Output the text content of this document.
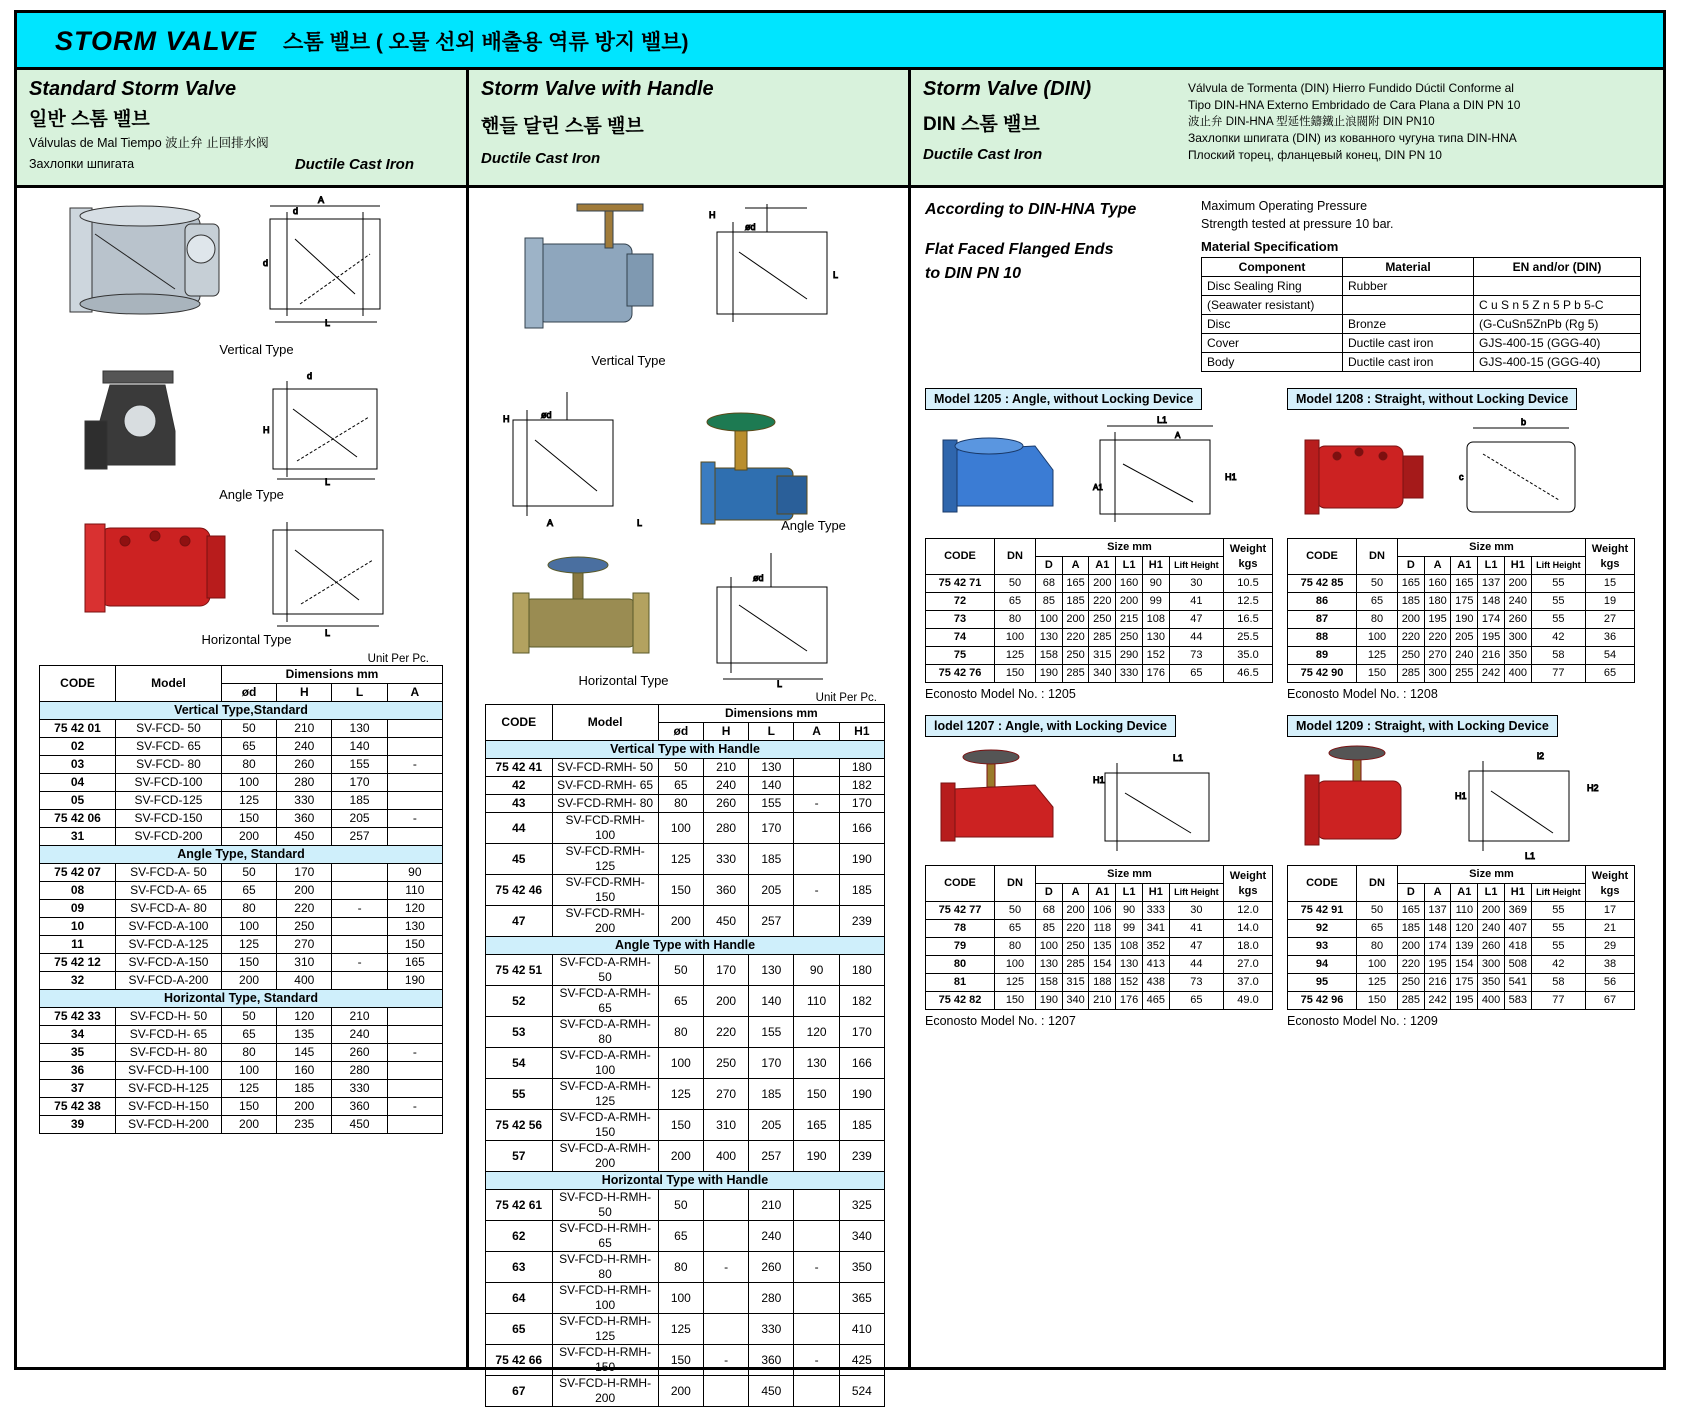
STORM VALVE 스톰 밸브 ( 오물 선외 배출용 역류 방지 밸브)
Standard Storm Valve
일반 스톰 밸브
Válvulas de Mal Tiempo 波止弁 止回排水阀
Захлопки шпигата	Ductile Cast Iron
A
d
d
L
Vertical Type
d
H
L
Angle Type
L
Horizontal Type
Unit Per Pc.
CODE	Model	Dimensions mm			
		ød	H	L	A
Vertical Type,Standard					
75 42 01	SV-FCD- 50	50	210	130	
02	SV-FCD- 65	65	240	140	
03	SV-FCD- 80	80	260	155	-
04	SV-FCD-100	100	280	170	
05	SV-FCD-125	125	330	185	
75 42 06	SV-FCD-150	150	360	205	-
31	SV-FCD-200	200	450	257	
Angle Type, Standard					
75 42 07	SV-FCD-A- 50	50	170		90
08	SV-FCD-A- 65	65	200		110
09	SV-FCD-A- 80	80	220	-	120
10	SV-FCD-A-100	100	250		130
11	SV-FCD-A-125	125	270		150
75 42 12	SV-FCD-A-150	150	310	-	165
32	SV-FCD-A-200	200	400		190
Horizontal Type, Standard					
75 42 33	SV-FCD-H- 50	50	120	210	
34	SV-FCD-H- 65	65	135	240	
35	SV-FCD-H- 80	80	145	260	-
36	SV-FCD-H-100	100	160	280	
37	SV-FCD-H-125	125	185	330	
75 42 38	SV-FCD-H-150	150	200	360	-
39	SV-FCD-H-200	200	235	450	
Storm Valve with Handle
핸들 달린 스톰 밸브
Ductile Cast Iron
H
ød
L
Vertical Type
H	ød
A	L	Angle Type
ød
L
Horizontal Type
Unit Per Pc.
CODE	Model	Dimensions mm				
		ød	H	L	A	H1
Vertical Type with Handle						
75 42 41	SV-FCD-RMH- 50	50	210	130		180
42	SV-FCD-RMH- 65	65	240	140		182
43	SV-FCD-RMH- 80	80	260	155	-	170
44	SV-FCD-RMH- 100	100	280	170		166
45	SV-FCD-RMH- 125	125	330	185		190
75 42 46	SV-FCD-RMH- 150	150	360	205	-	185
47	SV-FCD-RMH- 200	200	450	257		239
Angle Type with Handle						
75 42 51	SV-FCD-A-RMH- 50	50	170	130	90	180
52	SV-FCD-A-RMH- 65	65	200	140	110	182
53	SV-FCD-A-RMH- 80	80	220	155	120	170
54	SV-FCD-A-RMH- 100	100	250	170	130	166
55	SV-FCD-A-RMH- 125	125	270	185	150	190
75 42 56	SV-FCD-A-RMH- 150	150	310	205	165	185
57	SV-FCD-A-RMH- 200	200	400	257	190	239
Horizontal Type with Handle						
75 42 61	SV-FCD-H-RMH- 50	50		210		325
62	SV-FCD-H-RMH- 65	65		240		340
63	SV-FCD-H-RMH- 80	80	-	260	-	350
64	SV-FCD-H-RMH- 100	100		280		365
65	SV-FCD-H-RMH- 125	125		330		410
75 42 66	SV-FCD-H-RMH- 150	150	-	360	-	425
67	SV-FCD-H-RMH- 200	200		450		524
Storm Valve (DIN)
DIN 스톰 밸브
Ductile Cast Iron
Válvula de Tormenta (DIN) Hierro Fundido Dúctil Conforme al
Tipo DIN-HNA Externo Embridado de Cara Plana a DIN PN 10
波止弁 DIN-HNA 型延性鑄鐵止浪閥附 DIN PN10
Захлопки шпигата (DIN) из кованного чугуна типа DIN-HNA
Плоский торец, фланцевый конец, DIN PN 10
According to DIN-HNA Type
Flat Faced Flanged Ends
to DIN PN 10
Maximum Operating Pressure
Strength tested at pressure 10 bar.
Material Specificatiom
Component	Material	EN and/or (DIN)
Disc Sealing Ring	Rubber	
(Seawater resistant)		C u S n 5 Z n 5 P b 5-C
Disc	Bronze	(G-CuSn5ZnPb (Rg 5)
Cover	Ductile cast iron	GJS-400-15 (GGG-40)
Body	Ductile cast iron	GJS-400-15 (GGG-40)
Model 1205 : Angle, without Locking Device
L1
A
H1
A1
CODE	DN	Size mm						Weight kgs
		D	A	A1	L1	H1	Lift Height	
75 42 71	50	68	165	200	160	90	30	10.5
72	65	85	185	220	200	99	41	12.5
73	80	100	200	250	215	108	47	16.5
74	100	130	220	285	250	130	44	25.5
75	125	158	250	315	290	152	73	35.0
75 42 76	150	190	285	340	330	176	65	46.5
Econosto Model No. : 1205
Model 1208 : Straight, without Locking Device
b
c
CODE	DN	Size mm						Weight kgs
		D	A	A1	L1	H1	Lift Height	
75 42 85	50	165	160	165	137	200	55	15
86	65	185	180	175	148	240	55	19
87	80	200	195	190	174	260	55	27
88	100	220	220	205	195	300	42	36
89	125	250	270	240	216	350	58	54
75 42 90	150	285	300	255	242	400	77	65
Econosto Model No. : 1208
lodel 1207 : Angle, with Locking Device
H1
L1
CODE	DN	Size mm						Weight kgs
		D	A	A1	L1	H1	Lift Height	
75 42 77	50	68	200	106	90	333	30	12.0
78	65	85	220	118	99	341	41	14.0
79	80	100	250	135	108	352	47	18.0
80	100	130	285	154	130	413	44	27.0
81	125	158	315	188	152	438	73	37.0
75 42 82	150	190	340	210	176	465	65	49.0
Econosto Model No. : 1207
Model 1209 : Straight, with Locking Device
H1
H2
l2
L1
CODE	DN	Size mm						Weight kgs
		D	A	A1	L1	H1	Lift Height	
75 42 91	50	165	137	110	200	369	55	17
92	65	185	148	120	240	407	55	21
93	80	200	174	139	260	418	55	29
94	100	220	195	154	300	508	42	38
95	125	250	216	175	350	541	58	56
75 42 96	150	285	242	195	400	583	77	67
Econosto Model No. : 1209
